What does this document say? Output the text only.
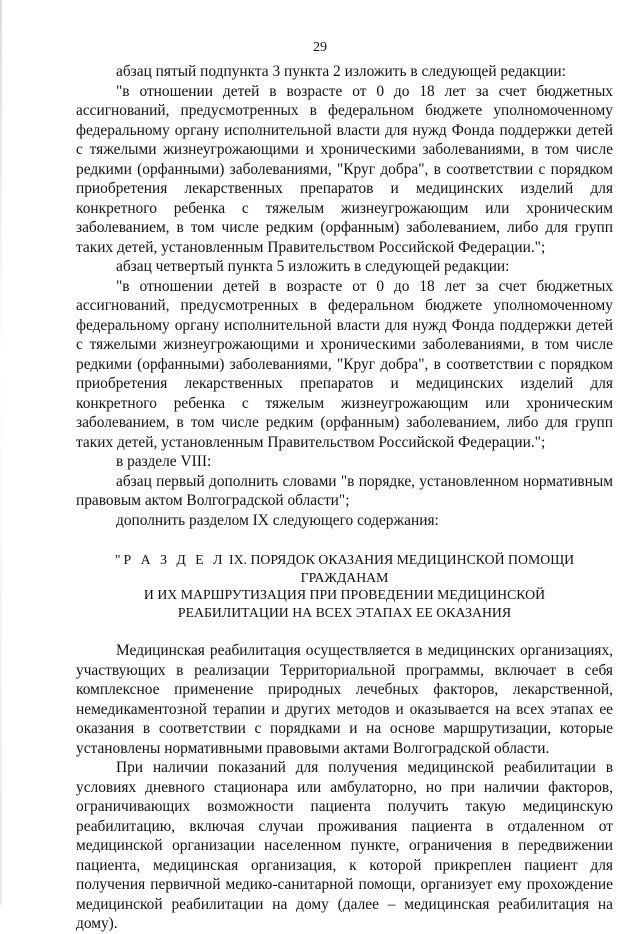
29

абзац пятый подпункта 3 пункта 2 изложить в следующей редакции:

"в отношении детей в возрасте от 0 до 18 лет за счет бюджетных ассигнований, предусмотренных в федеральном бюджете уполномоченному федеральному органу исполнительной власти для нужд Фонда поддержки детей с тяжелыми жизнеугрожающими и хроническими заболеваниями, в том числе редкими (орфанными) заболеваниями, "Круг добра", в соответствии с порядком приобретения лекарственных препаратов и медицинских изделий для конкретного ребенка с тяжелым жизнеугрожающим или хроническим заболеванием, в том числе редким (орфанным) заболеванием, либо для групп таких детей, установленным Правительством Российской Федерации.";

абзац четвертый пункта 5 изложить в следующей редакции:

"в отношении детей в возрасте от 0 до 18 лет за счет бюджетных ассигнований, предусмотренных в федеральном бюджете уполномоченному федеральному органу исполнительной власти для нужд Фонда поддержки детей с тяжелыми жизнеугрожающими и хроническими заболеваниями, в том числе редкими (орфанными) заболеваниями, "Круг добра", в соответствии с порядком приобретения лекарственных препаратов и медицинских изделий для конкретного ребенка с тяжелым жизнеугрожающим или хроническим заболеванием, в том числе редким (орфанным) заболеванием, либо для групп таких детей, установленным Правительством Российской Федерации.";

в разделе VIII:

абзац первый дополнить словами "в порядке, установленном нормативным правовым актом Волгоградской области";

дополнить разделом IX следующего содержания:

"Р А З Д Е Л IX. ПОРЯДОК ОКАЗАНИЯ МЕДИЦИНСКОЙ ПОМОЩИ ГРАЖДАНАМ
И ИХ МАРШРУТИЗАЦИЯ ПРИ ПРОВЕДЕНИИ МЕДИЦИНСКОЙ
РЕАБИЛИТАЦИИ НА ВСЕХ ЭТАПАХ ЕЕ ОКАЗАНИЯ

Медицинская реабилитация осуществляется в медицинских организациях, участвующих в реализации Территориальной программы, включает в себя комплексное применение природных лечебных факторов, лекарственной, немедикаментозной терапии и других методов и оказывается на всех этапах ее оказания в соответствии с порядками и на основе маршрутизации, которые установлены нормативными правовыми актами Волгоградской области.

При наличии показаний для получения медицинской реабилитации в условиях дневного стационара или амбулаторно, но при наличии факторов, ограничивающих возможности пациента получить такую медицинскую реабилитацию, включая случаи проживания пациента в отдаленном от медицинской организации населенном пункте, ограничения в передвижении пациента, медицинская организация, к которой прикреплен пациент для получения первичной медико-санитарной помощи, организует ему прохождение медицинской реабилитации на дому (далее – медицинская реабилитация на дому).
